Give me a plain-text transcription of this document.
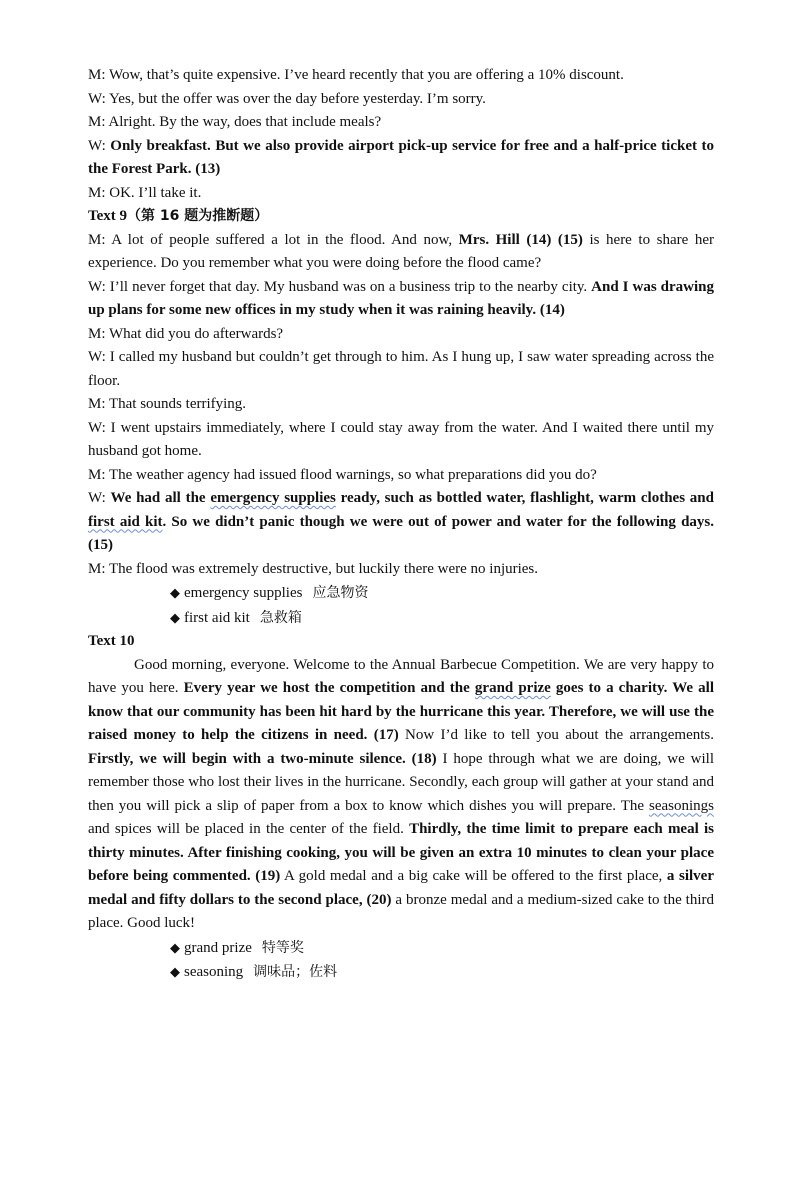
M: Wow, that’s quite expensive. I’ve heard recently that you are offering a 10% discount.

W: Yes, but the offer was over the day before yesterday. I’m sorry.

M: Alright. By the way, does that include meals?

W: Only breakfast. But we also provide airport pick-up service for free and a half-price ticket to the Forest Park. (13)

M: OK. I’ll take it.

Text 9（第 16 题为推断题）

M: A lot of people suffered a lot in the flood. And now, Mrs. Hill (14) (15) is here to share her experience. Do you remember what you were doing before the flood came?

W: I’ll never forget that day. My husband was on a business trip to the nearby city. And I was drawing up plans for some new offices in my study when it was raining heavily. (14)

M: What did you do afterwards?

W: I called my husband but couldn’t get through to him. As I hung up, I saw water spreading across the floor.

M: That sounds terrifying.

W: I went upstairs immediately, where I could stay away from the water. And I waited there until my husband got home.

M: The weather agency had issued flood warnings, so what preparations did you do?

W: We had all the emergency supplies ready, such as bottled water, flashlight, warm clothes and first aid kit. So we didn’t panic though we were out of power and water for the following days. (15)

M: The flood was extremely destructive, but luckily there were no injuries.

◆ emergency supplies 应急物资

◆ first aid kit 急救箱

Text 10

Good morning, everyone. Welcome to the Annual Barbecue Competition. We are very happy to have you here. Every year we host the competition and the grand prize goes to a charity. We all know that our community has been hit hard by the hurricane this year. Therefore, we will use the raised money to help the citizens in need. (17) Now I’d like to tell you about the arrangements. Firstly, we will begin with a two-minute silence. (18) I hope through what we are doing, we will remember those who lost their lives in the hurricane. Secondly, each group will gather at your stand and then you will pick a slip of paper from a box to know which dishes you will prepare. The seasonings and spices will be placed in the center of the field. Thirdly, the time limit to prepare each meal is thirty minutes. After finishing cooking, you will be given an extra 10 minutes to clean your place before being commented. (19) A gold medal and a big cake will be offered to the first place, a silver medal and fifty dollars to the second place, (20) a bronze medal and a medium-sized cake to the third place. Good luck!

◆ grand prize 特等奖

◆ seasoning 调味品；佐料
